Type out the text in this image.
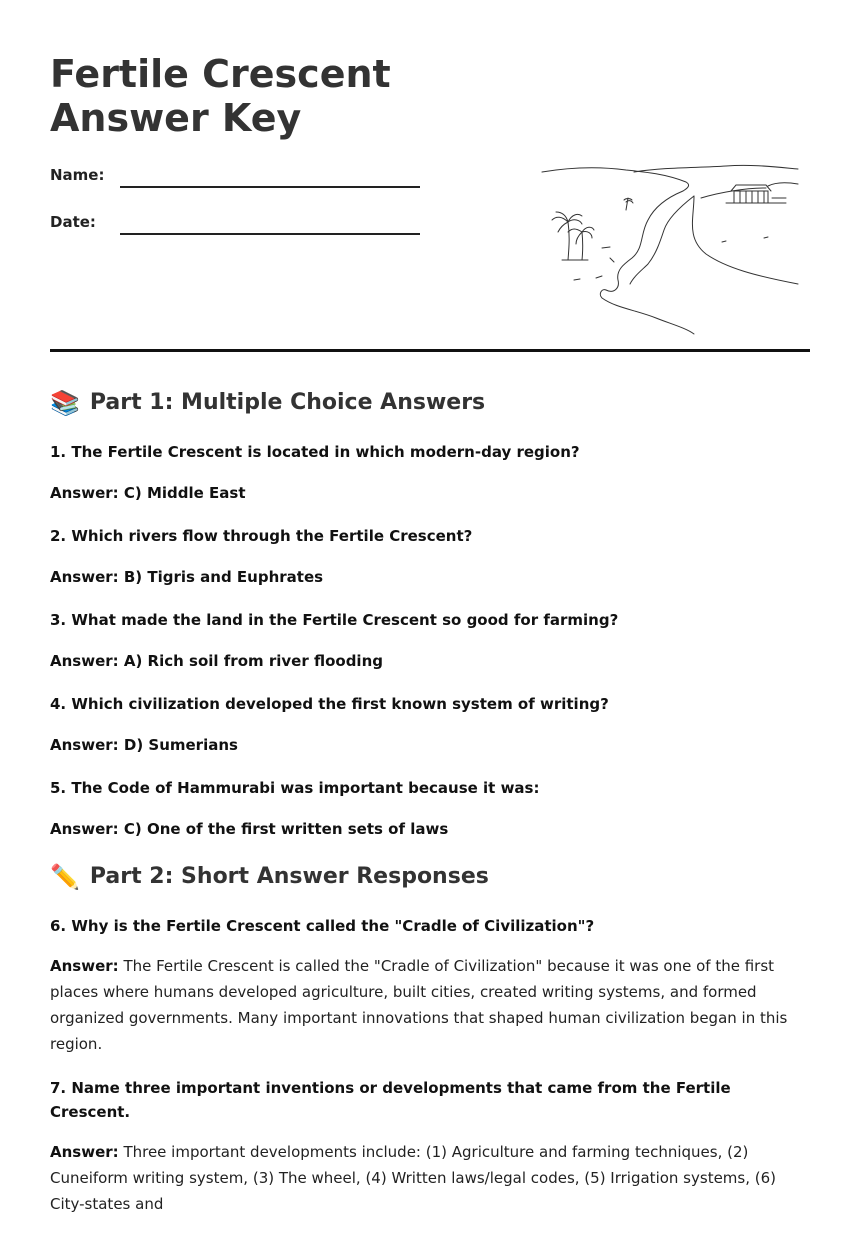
Fertile Crescent Answer Key
Name:
Date:
📚 Part 1: Multiple Choice Answers

1. The Fertile Crescent is located in which modern-day region?

Answer: C) Middle East

2. Which rivers flow through the Fertile Crescent?

Answer: B) Tigris and Euphrates

3. What made the land in the Fertile Crescent so good for farming?

Answer: A) Rich soil from river flooding

4. Which civilization developed the first known system of writing?

Answer: D) Sumerians

5. The Code of Hammurabi was important because it was:

Answer: C) One of the first written sets of laws

✏️ Part 2: Short Answer Responses

6. Why is the Fertile Crescent called the "Cradle of Civilization"?

Answer: The Fertile Crescent is called the "Cradle of Civilization" because it was one of the first places where humans developed agriculture, built cities, created writing systems, and formed organized governments. Many important innovations that shaped human civilization began in this region.

7. Name three important inventions or developments that came from the Fertile Crescent.

Answer: Three important developments include: (1) Agriculture and farming techniques, (2) Cuneiform writing system, (3) The wheel, (4) Written laws/legal codes, (5) Irrigation systems, (6) City-states and
